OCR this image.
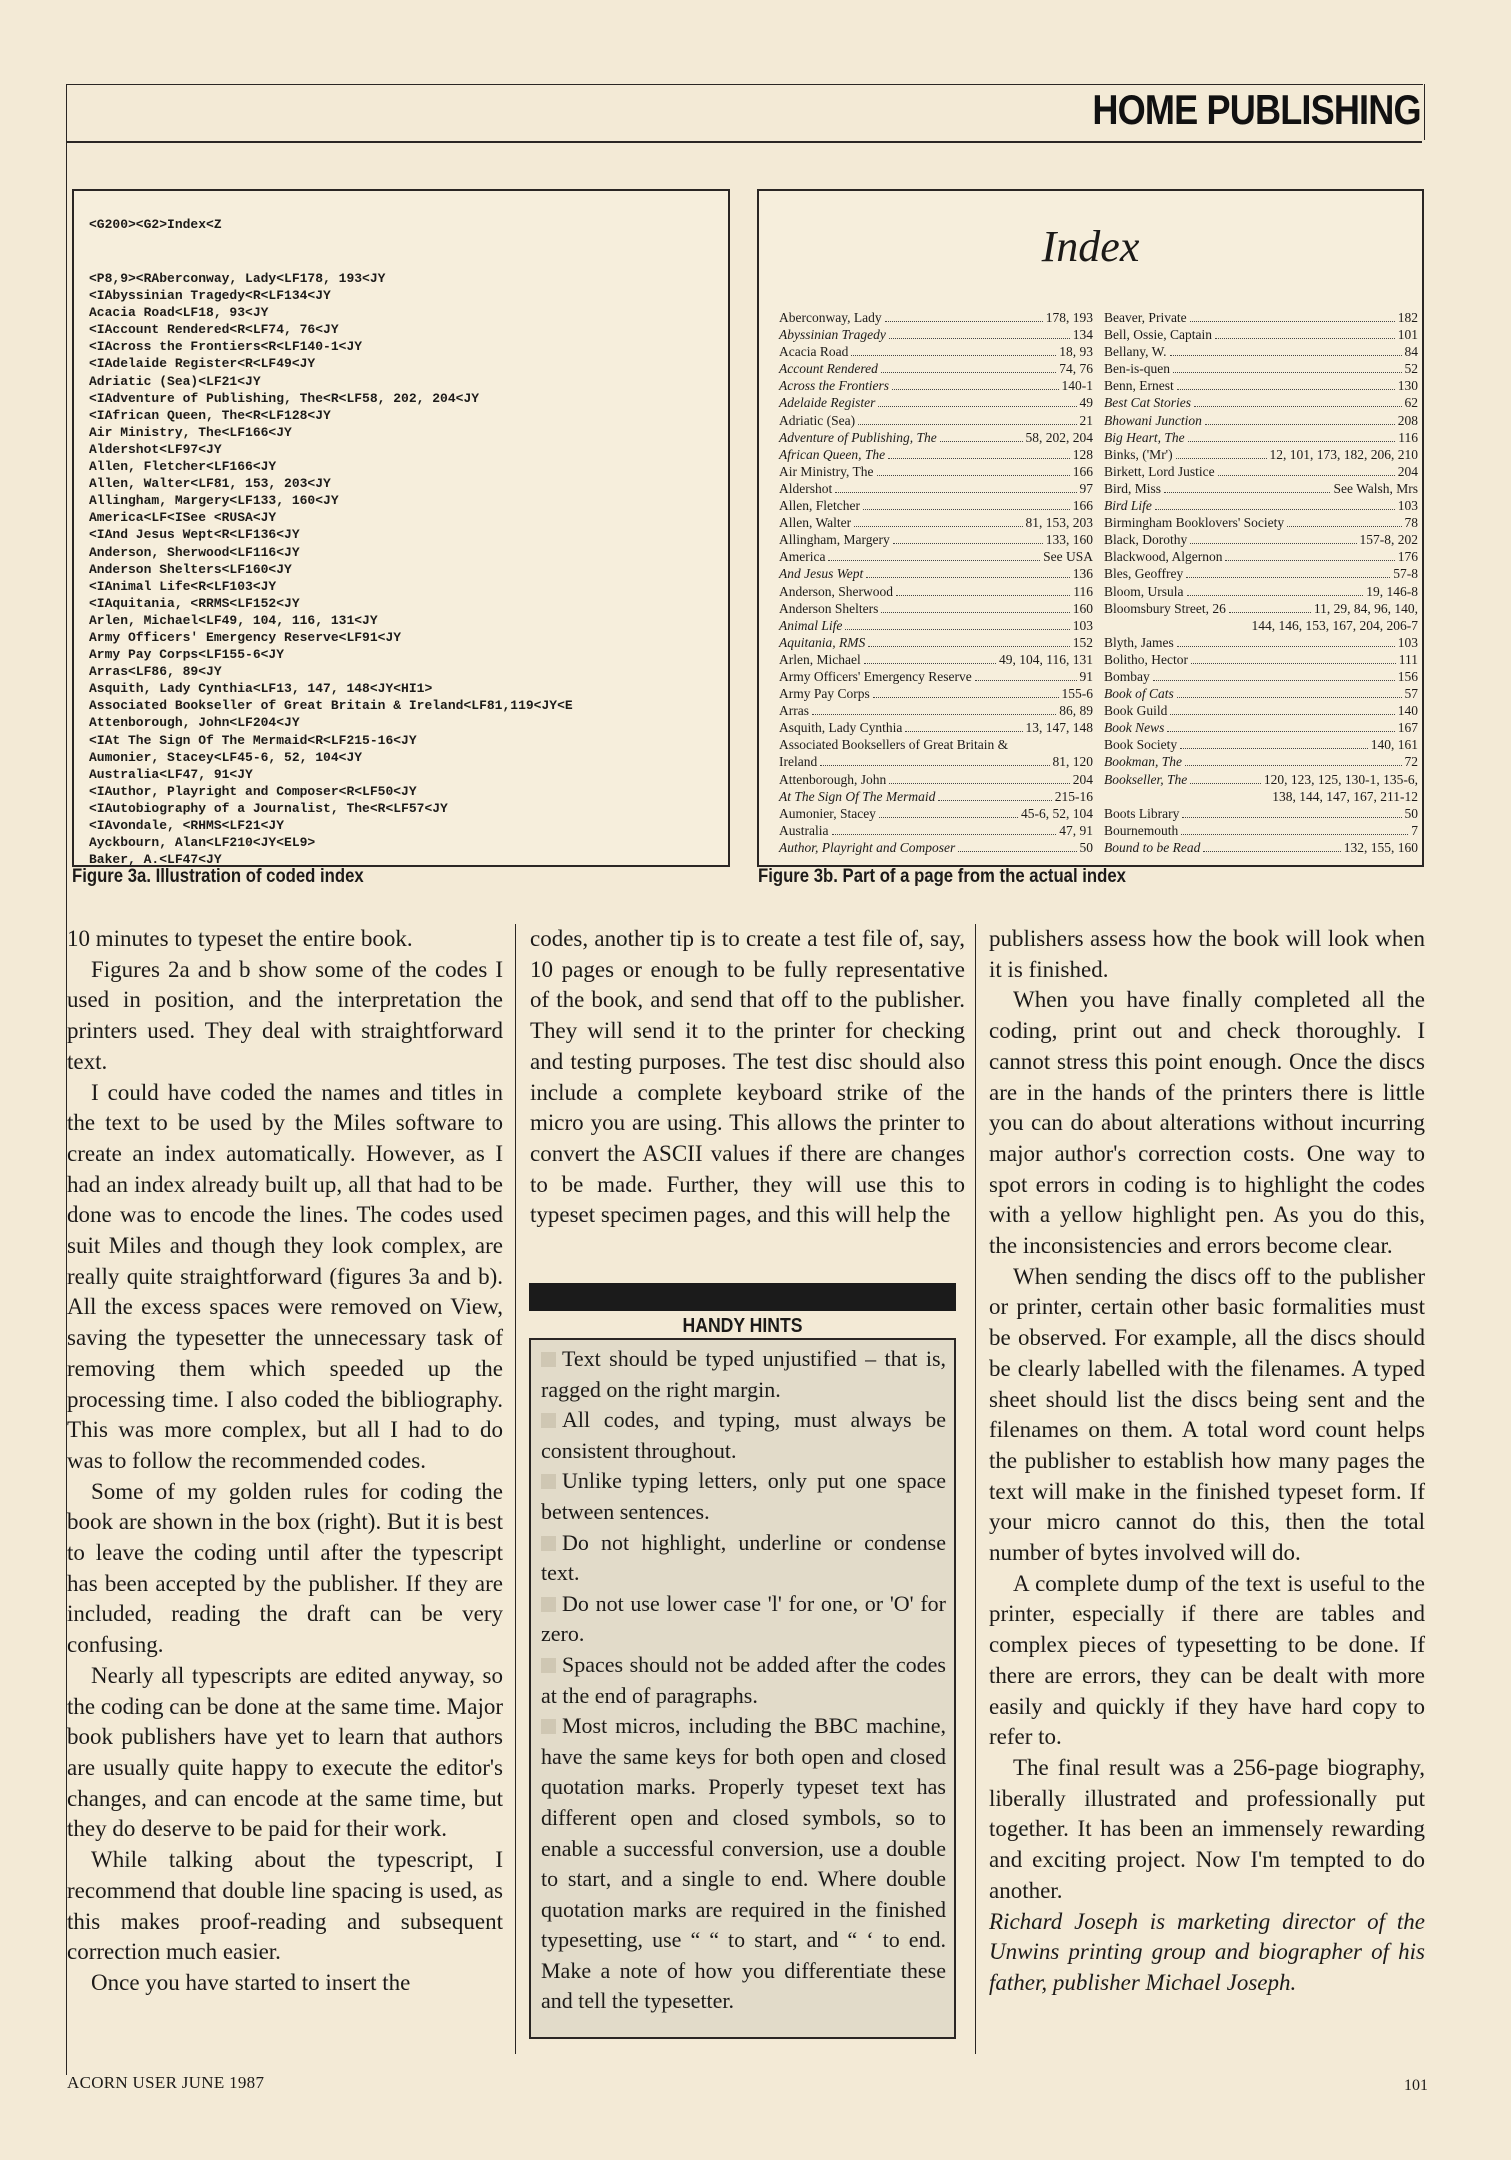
HOME PUBLISHING
<G200><G2>Index<Z
<P8,9><RAberconway, Lady<LF178, 193<JY
<IAbyssinian Tragedy<R<LF134<JY
Acacia Road<LF18, 93<JY
<IAccount Rendered<R<LF74, 76<JY
<IAcross the Frontiers<R<LF140-1<JY
<IAdelaide Register<R<LF49<JY
Adriatic (Sea)<LF21<JY
<IAdventure of Publishing, The<R<LF58, 202, 204<JY
<IAfrican Queen, The<R<LF128<JY
Air Ministry, The<LF166<JY
Aldershot<LF97<JY
Allen, Fletcher<LF166<JY
Allen, Walter<LF81, 153, 203<JY
Allingham, Margery<LF133, 160<JY
America<LF<ISee <RUSA<JY
<IAnd Jesus Wept<R<LF136<JY
Anderson, Sherwood<LF116<JY
Anderson Shelters<LF160<JY
<IAnimal Life<R<LF103<JY
<IAquitania, <RRMS<LF152<JY
Arlen, Michael<LF49, 104, 116, 131<JY
Army Officers' Emergency Reserve<LF91<JY
Army Pay Corps<LF155-6<JY
Arras<LF86, 89<JY
Asquith, Lady Cynthia<LF13, 147, 148<JY<HI1>
Associated Bookseller of Great Britain & Ireland<LF81,119<JY<E
Attenborough, John<LF204<JY
<IAt The Sign Of The Mermaid<R<LF215-16<JY
Aumonier, Stacey<LF45-6, 52, 104<JY
Australia<LF47, 91<JY
<IAuthor, Playright and Composer<R<LF50<JY
<IAutobiography of a Journalist, The<R<LF57<JY
<IAvondale, <RHMS<LF21<JY
Ayckbourn, Alan<LF210<JY<EL9>
Baker, A.<LF47<JY
Figure 3a. Illustration of coded index
Index
Aberconway, Lady	178, 193
Abyssinian Tragedy	134
Acacia Road	18, 93
Account Rendered	74, 76
Across the Frontiers	140-1
Adelaide Register	49
Adriatic (Sea)	21
Adventure of Publishing, The	58, 202, 204
African Queen, The	128
Air Ministry, The	166
Aldershot	97
Allen, Fletcher	166
Allen, Walter	81, 153, 203
Allingham, Margery	133, 160
America	See USA
And Jesus Wept	136
Anderson, Sherwood	116
Anderson Shelters	160
Animal Life	103
Aquitania, RMS	152
Arlen, Michael	49, 104, 116, 131
Army Officers' Emergency Reserve	91
Army Pay Corps	155-6
Arras	86, 89
Asquith, Lady Cynthia	13, 147, 148
Associated Booksellers of Great Britain &
Ireland	81, 120
Attenborough, John	204
At The Sign Of The Mermaid	215-16
Aumonier, Stacey	45-6, 52, 104
Australia	47, 91
Author, Playright and Composer	50
Beaver, Private	182
Bell, Ossie, Captain	101
Bellany, W.	84
Ben-is-quen	52
Benn, Ernest	130
Best Cat Stories	62
Bhowani Junction	208
Big Heart, The	116
Binks, ('Mr')	12, 101, 173, 182, 206, 210
Birkett, Lord Justice	204
Bird, Miss	See Walsh, Mrs
Bird Life	103
Birmingham Booklovers' Society	78
Black, Dorothy	157-8, 202
Blackwood, Algernon	176
Bles, Geoffrey	57-8
Bloom, Ursula	19, 146-8
Bloomsbury Street, 26	11, 29, 84, 96, 140,
144, 146, 153, 167, 204, 206-7
Blyth, James	103
Bolitho, Hector	111
Bombay	156
Book of Cats	57
Book Guild	140
Book News	167
Book Society	140, 161
Bookman, The	72
Bookseller, The	120, 123, 125, 130-1, 135-6,
138, 144, 147, 167, 211-12
Boots Library	50
Bournemouth	7
Bound to be Read	132, 155, 160
Figure 3b. Part of a page from the actual index

10 minutes to typeset the entire book.

Figures 2a and b show some of the codes I used in position, and the interpretation the printers used. They deal with straightforward text.

I could have coded the names and titles in the text to be used by the Miles software to create an index automatically. However, as I had an index already built up, all that had to be done was to encode the lines. The codes used suit Miles and though they look complex, are really quite straightforward (figures 3a and b). All the excess spaces were removed on View, saving the typesetter the unnecessary task of removing them which speeded up the processing time. I also coded the bibliography. This was more complex, but all I had to do was to follow the recommended codes.

Some of my golden rules for coding the book are shown in the box (right). But it is best to leave the coding until after the typescript has been accepted by the publisher. If they are included, reading the draft can be very confusing.

Nearly all typescripts are edited anyway, so the coding can be done at the same time. Major book publishers have yet to learn that authors are usually quite happy to execute the editor's changes, and can encode at the same time, but they do deserve to be paid for their work.

While talking about the typescript, I recommend that double line spacing is used, as this makes proof-reading and subsequent correction much easier.

Once you have started to insert the

codes, another tip is to create a test file of, say, 10 pages or enough to be fully representative of the book, and send that off to the publisher. They will send it to the printer for checking and testing purposes. The test disc should also include a complete keyboard strike of the micro you are using. This allows the printer to convert the ASCII values if there are changes to be made. Further, they will use this to typeset specimen pages, and this will help the

publishers assess how the book will look when it is finished.

When you have finally completed all the coding, print out and check thoroughly. I cannot stress this point enough. Once the discs are in the hands of the printers there is little you can do about alterations without incurring major author's correction costs. One way to spot errors in coding is to highlight the codes with a yellow highlight pen. As you do this, the inconsistencies and errors become clear.

When sending the discs off to the publisher or printer, certain other basic formalities must be observed. For example, all the discs should be clearly labelled with the filenames. A typed sheet should list the discs being sent and the filenames on them. A total word count helps the publisher to establish how many pages the text will make in the finished typeset form. If your micro cannot do this, then the total number of bytes involved will do.

A complete dump of the text is useful to the printer, especially if there are tables and complex pieces of typesetting to be done. If there are errors, they can be dealt with more easily and quickly if they have hard copy to refer to.

The final result was a 256-page biography, liberally illustrated and professionally put together. It has been an immensely rewarding and exciting project. Now I'm tempted to do another.

Richard Joseph is marketing director of the Unwins printing group and biographer of his father, publisher Michael Joseph.

HANDY HINTS

Text should be typed unjustified – that is, ragged on the right margin.

All codes, and typing, must always be consistent throughout.

Unlike typing letters, only put one space between sentences.

Do not highlight, underline or condense text.

Do not use lower case 'l' for one, or 'O' for zero.

Spaces should not be added after the codes at the end of paragraphs.

Most micros, including the BBC machine, have the same keys for both open and closed quotation marks. Properly typeset text has different open and closed symbols, so to enable a successful conversion, use a double to start, and a single to end. Where double quotation marks are required in the finished typesetting, use “ “ to start, and “ ‘ to end. Make a note of how you differentiate these and tell the typesetter.

ACORN USER JUNE 1987	101
